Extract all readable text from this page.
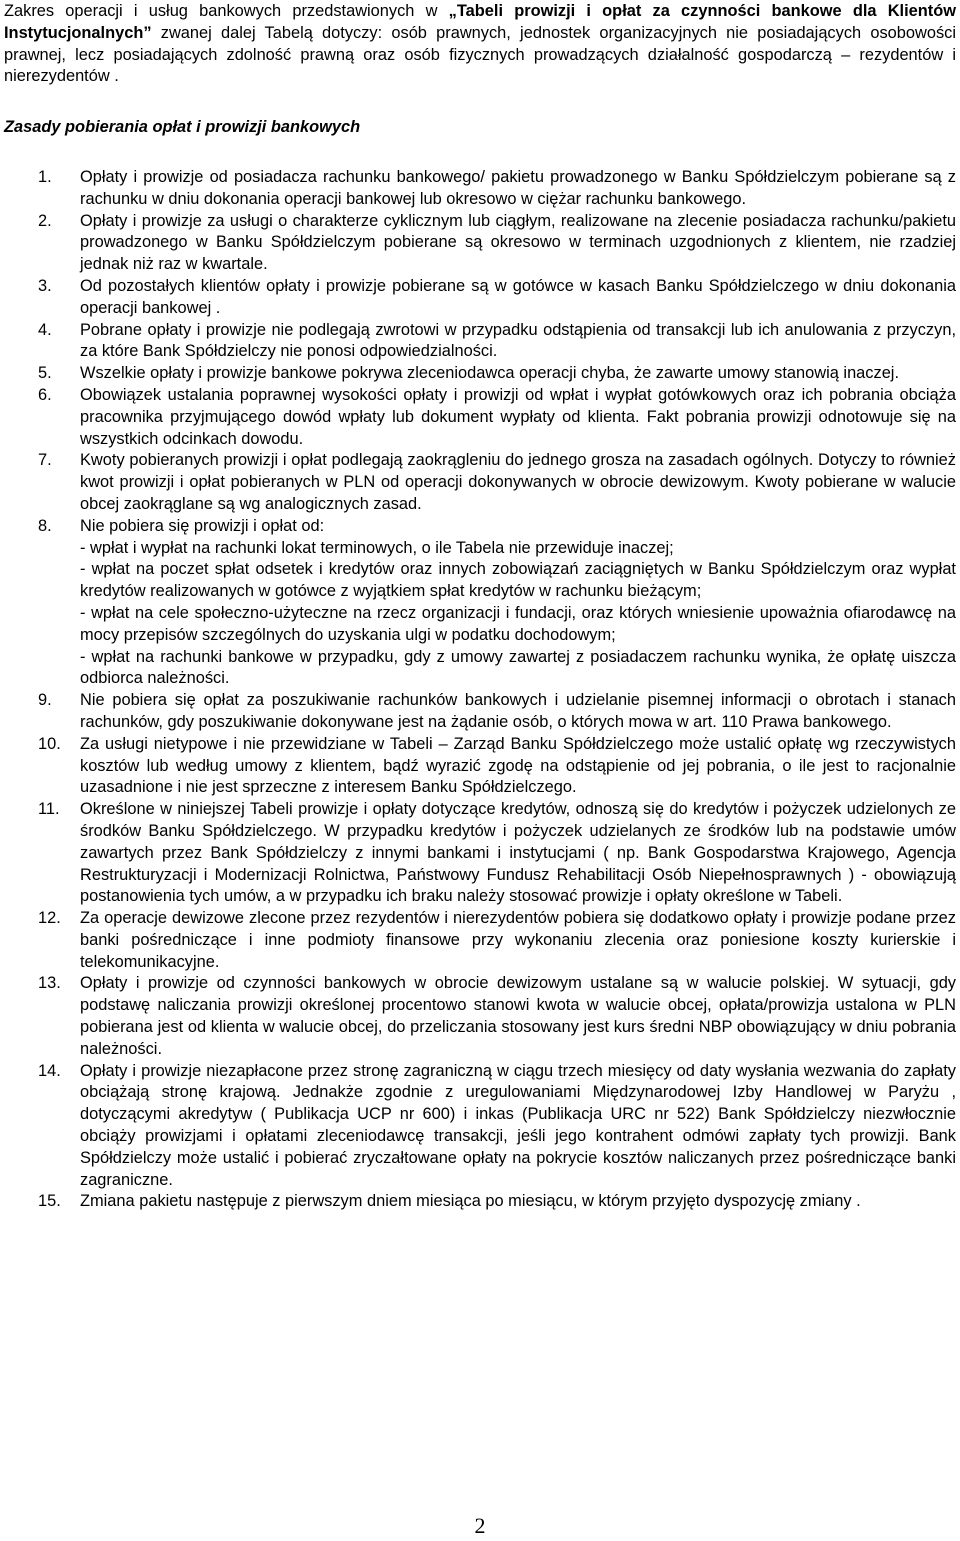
Zakres operacji i usług bankowych przedstawionych w „Tabeli prowizji i opłat za czynności bankowe dla Klientów Instytucjonalnych” zwanej dalej Tabelą dotyczy: osób prawnych, jednostek organizacyjnych nie posiadających osobowości prawnej, lecz posiadających zdolność prawną oraz osób fizycznych prowadzących działalność gospodarczą – rezydentów i nierezydentów .

Zasady pobierania opłat i prowizji bankowych
1. Opłaty i prowizje od posiadacza rachunku bankowego/ pakietu prowadzonego w Banku Spółdzielczym pobierane są z rachunku w dniu dokonania operacji bankowej lub okresowo w ciężar rachunku bankowego.
2. Opłaty i prowizje za usługi o charakterze cyklicznym lub ciągłym, realizowane na zlecenie posiadacza rachunku/pakietu prowadzonego w Banku Spółdzielczym pobierane są okresowo w terminach uzgodnionych z klientem, nie rzadziej jednak niż raz w kwartale.
3. Od pozostałych klientów opłaty i prowizje pobierane są w gotówce w kasach Banku Spółdzielczego w dniu dokonania operacji bankowej .
4. Pobrane opłaty i prowizje nie podlegają zwrotowi w przypadku odstąpienia od transakcji lub ich anulowania z przyczyn, za które Bank Spółdzielczy nie ponosi odpowiedzialności.
5. Wszelkie opłaty i prowizje bankowe pokrywa zleceniodawca operacji chyba, że zawarte umowy stanowią inaczej.
6. Obowiązek ustalania poprawnej wysokości opłaty i prowizji od wpłat i wypłat gotówkowych oraz ich pobrania obciąża pracownika przyjmującego dowód wpłaty lub dokument wypłaty od klienta. Fakt pobrania prowizji odnotowuje się na wszystkich odcinkach dowodu.
7. Kwoty pobieranych prowizji i opłat podlegają zaokrągleniu do jednego grosza na zasadach ogólnych. Dotyczy to również kwot prowizji i opłat pobieranych w PLN od operacji dokonywanych w obrocie dewizowym. Kwoty pobierane w walucie obcej zaokrąglane są wg analogicznych zasad.
8. Nie pobiera się prowizji i opłat od:
- wpłat i wypłat na rachunki lokat terminowych, o ile Tabela nie przewiduje inaczej;
- wpłat na poczet spłat odsetek i kredytów oraz innych zobowiązań zaciągniętych w Banku Spółdzielczym oraz wypłat kredytów realizowanych w gotówce z wyjątkiem spłat kredytów w rachunku bieżącym;
- wpłat na cele społeczno-użyteczne na rzecz organizacji i fundacji, oraz których wniesienie upoważnia ofiarodawcę na mocy przepisów szczególnych do uzyskania ulgi w podatku dochodowym;
- wpłat na rachunki bankowe w przypadku, gdy z umowy zawartej z posiadaczem rachunku wynika, że opłatę uiszcza odbiorca należności.
9. Nie pobiera się opłat za poszukiwanie rachunków bankowych i udzielanie pisemnej informacji o obrotach i stanach rachunków, gdy poszukiwanie dokonywane jest na żądanie osób, o których mowa w art. 110 Prawa bankowego.
10. Za usługi nietypowe i nie przewidziane w Tabeli – Zarząd Banku Spółdzielczego może ustalić opłatę wg rzeczywistych kosztów lub według umowy z klientem, bądź wyrazić zgodę na odstąpienie od jej pobrania, o ile jest to racjonalnie uzasadnione i nie jest sprzeczne z interesem Banku Spółdzielczego.
11. Określone w niniejszej Tabeli prowizje i opłaty dotyczące kredytów, odnoszą się do kredytów i pożyczek udzielonych ze środków Banku Spółdzielczego. W przypadku kredytów i pożyczek udzielanych ze środków lub na podstawie umów zawartych przez Bank Spółdzielczy z innymi bankami i instytucjami ( np. Bank Gospodarstwa Krajowego, Agencja Restrukturyzacji i Modernizacji Rolnictwa, Państwowy Fundusz Rehabilitacji Osób Niepełnosprawnych ) - obowiązują postanowienia tych umów, a w przypadku ich braku należy stosować prowizje i opłaty określone w Tabeli.
12. Za operacje dewizowe zlecone przez rezydentów i nierezydentów pobiera się dodatkowo opłaty i prowizje podane przez banki pośredniczące i inne podmioty finansowe przy wykonaniu zlecenia oraz poniesione koszty kurierskie i telekomunikacyjne.
13. Opłaty i prowizje od czynności bankowych w obrocie dewizowym ustalane są w walucie polskiej. W sytuacji, gdy podstawę naliczania prowizji określonej procentowo stanowi kwota w walucie obcej, opłata/prowizja ustalona w PLN pobierana jest od klienta w walucie obcej, do przeliczania stosowany jest kurs średni NBP obowiązujący w dniu pobrania należności.
14. Opłaty i prowizje niezapłacone przez stronę zagraniczną w ciągu trzech miesięcy od daty wysłania wezwania do zapłaty obciążają stronę krajową. Jednakże zgodnie z uregulowaniami Międzynarodowej Izby Handlowej w Paryżu , dotyczącymi akredytyw ( Publikacja UCP nr 600) i inkas (Publikacja URC nr 522) Bank Spółdzielczy niezwłocznie obciąży prowizjami i opłatami zleceniodawcę transakcji, jeśli jego kontrahent odmówi zapłaty tych prowizji. Bank Spółdzielczy może ustalić i pobierać zryczałtowane opłaty na pokrycie kosztów naliczanych przez pośredniczące banki zagraniczne.
15. Zmiana pakietu następuje z pierwszym dniem miesiąca po miesiącu, w którym przyjęto dyspozycję zmiany .
2
